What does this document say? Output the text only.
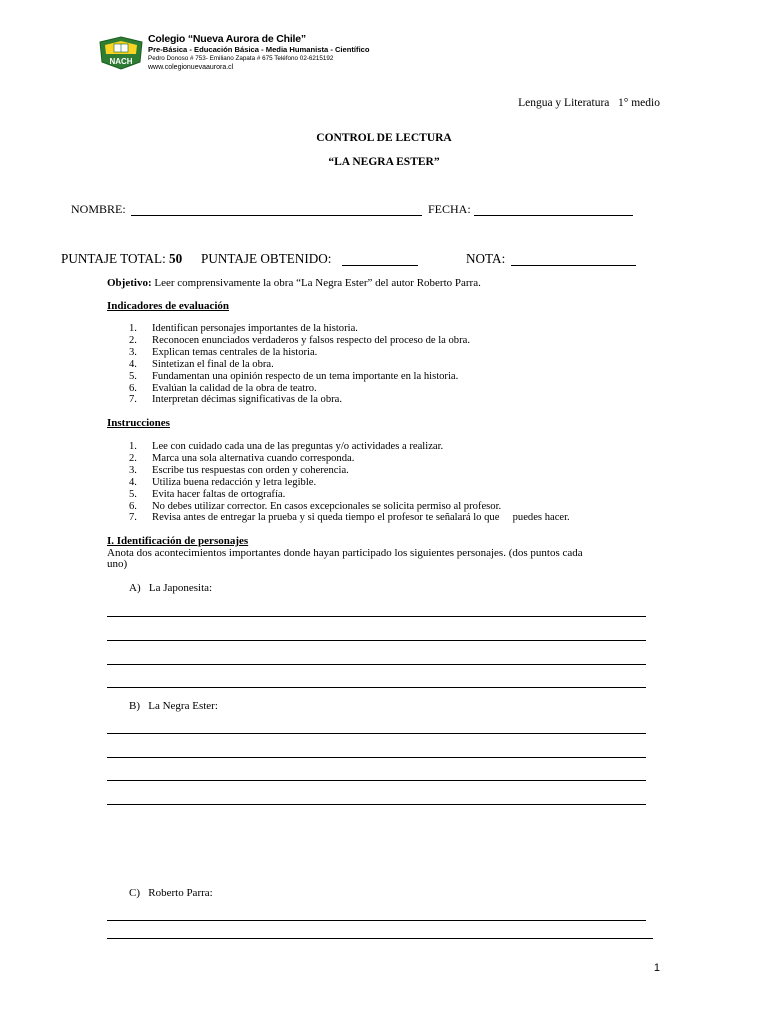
NACH
Colegio “Nueva Aurora de Chile”
Pre-Básica - Educación Básica - Media Humanista - Científico
Pedro Donoso # 753- Emiliano Zapata # 675 Teléfono 02-6215192
www.colegionuevaaurora.cl
Lengua y Literatura   1° medio
CONTROL DE LECTURA
“LA NEGRA ESTER”
NOMBRE:	FECHA:
PUNTAJE TOTAL: 50 PUNTAJE OBTENIDO:	NOTA:
Objetivo: Leer comprensivamente la obra “La Negra Ester” del autor Roberto Parra.
Indicadores de evaluación
1. Identifican personajes importantes de la historia.
2. Reconocen enunciados verdaderos y falsos respecto del proceso de la obra.
3. Explican temas centrales de la historia.
4. Sintetizan el final de la obra.
5. Fundamentan una opinión respecto de un tema importante en la historia.
6. Evalúan la calidad de la obra de teatro.
7. Interpretan décimas significativas de la obra.
Instrucciones
1. Lee con cuidado cada una de las preguntas y/o actividades a realizar.
2. Marca una sola alternativa cuando corresponda.
3. Escribe tus respuestas con orden y coherencia.
4. Utiliza buena redacción y letra legible.
5. Evita hacer faltas de ortografía.
6. No debes utilizar corrector. En casos excepcionales se solicita permiso al profesor.
7. Revisa antes de entregar la prueba y si queda tiempo el profesor te señalará lo que     puedes hacer.
I. Identificación de personajes
Anota dos acontecimientos importantes donde hayan participado los siguientes personajes. (dos puntos cada
uno)
A)   La Japonesita:
B)   La Negra Ester:
C)   Roberto Parra:
1
